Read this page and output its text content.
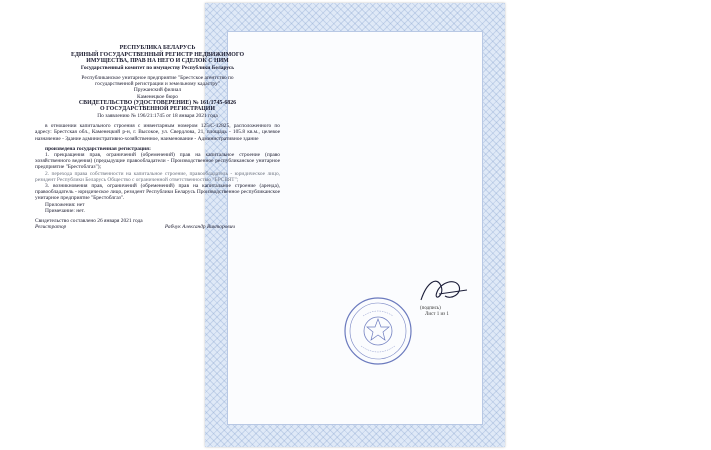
РЕСПУБЛИКА БЕЛАРУСЬ
ЕДИНЫЙ ГОСУДАРСТВЕННЫЙ РЕГИСТР НЕДВИЖИМОГО
ИМУЩЕСТВА, ПРАВ НА НЕГО И СДЕЛОК С НИМ
Государственный комитет по имуществу Республики Беларусь
Республиканское унитарное предприятие "Брестское агентство по
государственной регистрации и земельному кадастру"
Пружанский филиал
Каменецкое бюро
СВИДЕТЕЛЬСТВО (УДОСТОВЕРЕНИЕ) № 161/1745-6826
О ГОСУДАРСТВЕННОЙ РЕГИСТРАЦИИ
По заявлению № 196/21:1745 от 18 января 2021 года
в отношении капитального строения с инвентарным номером 125/С-12825, расположенного по адресу: Брестская обл., Каменецкий р-н, г. Высокое, ул. Свердлова, 21, площадь - 105.8 кв.м., целевое назначение - Здание административно-хозяйственное, наименование - Административное здание
произведена государственная регистрация:
1. прекращения прав, ограничений (обременений) прав на капитальное строение (право хозяйственного ведения) (предыдущие правообладатели - Производственное республиканское унитарное предприятие "Брестоблгаз");
2. перехода права собственности на капитальное строение, правообладатель - юридическое лицо, резидент Республики Беларусь Общество с ограниченной ответственностью "БРСВЯТ";
3. возникновения прав, ограничений (обременений) прав на капитальное строение (аренда), правообладатель - юридическое лицо, резидент Республики Беларусь Производственное республиканское унитарное предприятие "Брестоблгаз".
Приложения: нет
Примечание: нет.
Свидетельство составлено 26 января 2021 года
Регистратор	Рабчук Александр Викторович
(подпись)
Лист 1 из 1
